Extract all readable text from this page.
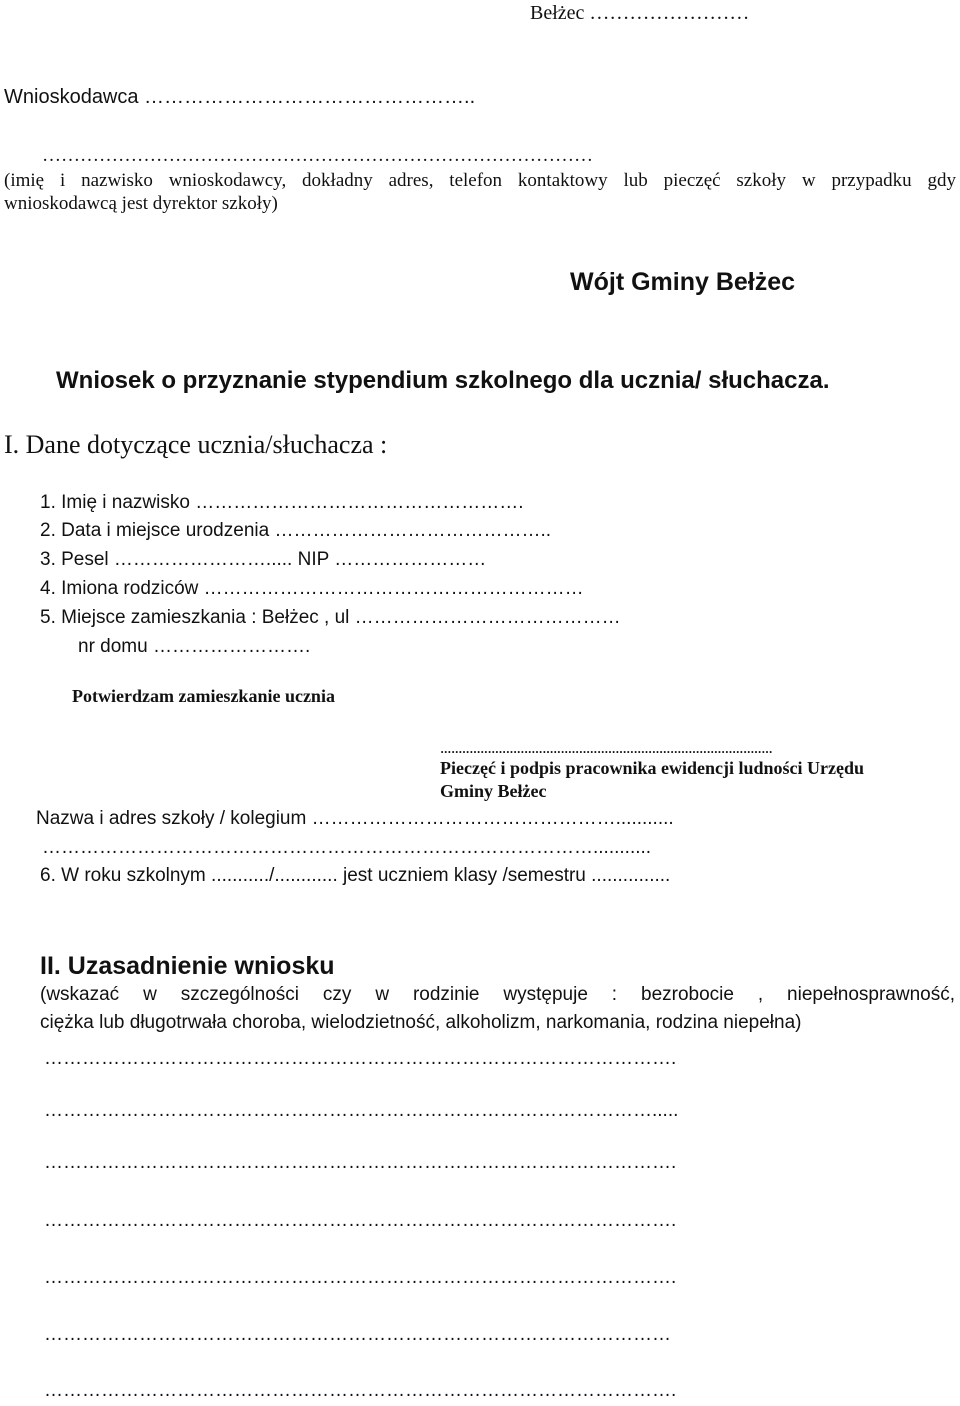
Bełżec ……………………
Wnioskodawca …………………………………………..
……………………………………………………………………………
(imię i nazwisko wnioskodawcy, dokładny adres, telefon kontaktowy lub pieczęć szkoły w przypadku gdy
wnioskodawcą jest dyrektor szkoły)
Wójt Gminy Bełżec
Wniosek o przyznanie stypendium szkolnego dla ucznia/ słuchacza.
I. Dane dotyczące ucznia/słuchacza :
1. Imię i nazwisko …………………………………………….
2. Data i miejsce urodzenia ……………………………………..
3. Pesel ……………………..... NIP ……………………
4. Imiona rodziców ……………………………………………………
5. Miejsce zamieszkania : Bełżec , ul ……………………………………
nr domu …………………….
Potwierdzam zamieszkanie ucznia
...........................................................................................
Pieczęć i podpis pracownika ewidencji ludności Urzędu
Gminy Bełżec
Nazwa i adres szkoły / kolegium …………………………………………...........
……………………………………………………………………………...........
6. W roku szkolnym .........../............ jest uczniem klasy /semestru ...............
II. Uzasadnienie wniosku
(wskazać w szczególności czy w rodzinie występuje : bezrobocie , niepełnosprawność,
ciężka lub długotrwała choroba, wielodzietność, alkoholizm, narkomania, rodzina niepełna)
……………………………………………………………………………………….
…………………………………………………………………………………….....
……………………………………………………………………………………….
……………………………………………………………………………………….
……………………………………………………………………………………….
………………………………………………………………………………………
……………………………………………………………………………………….
